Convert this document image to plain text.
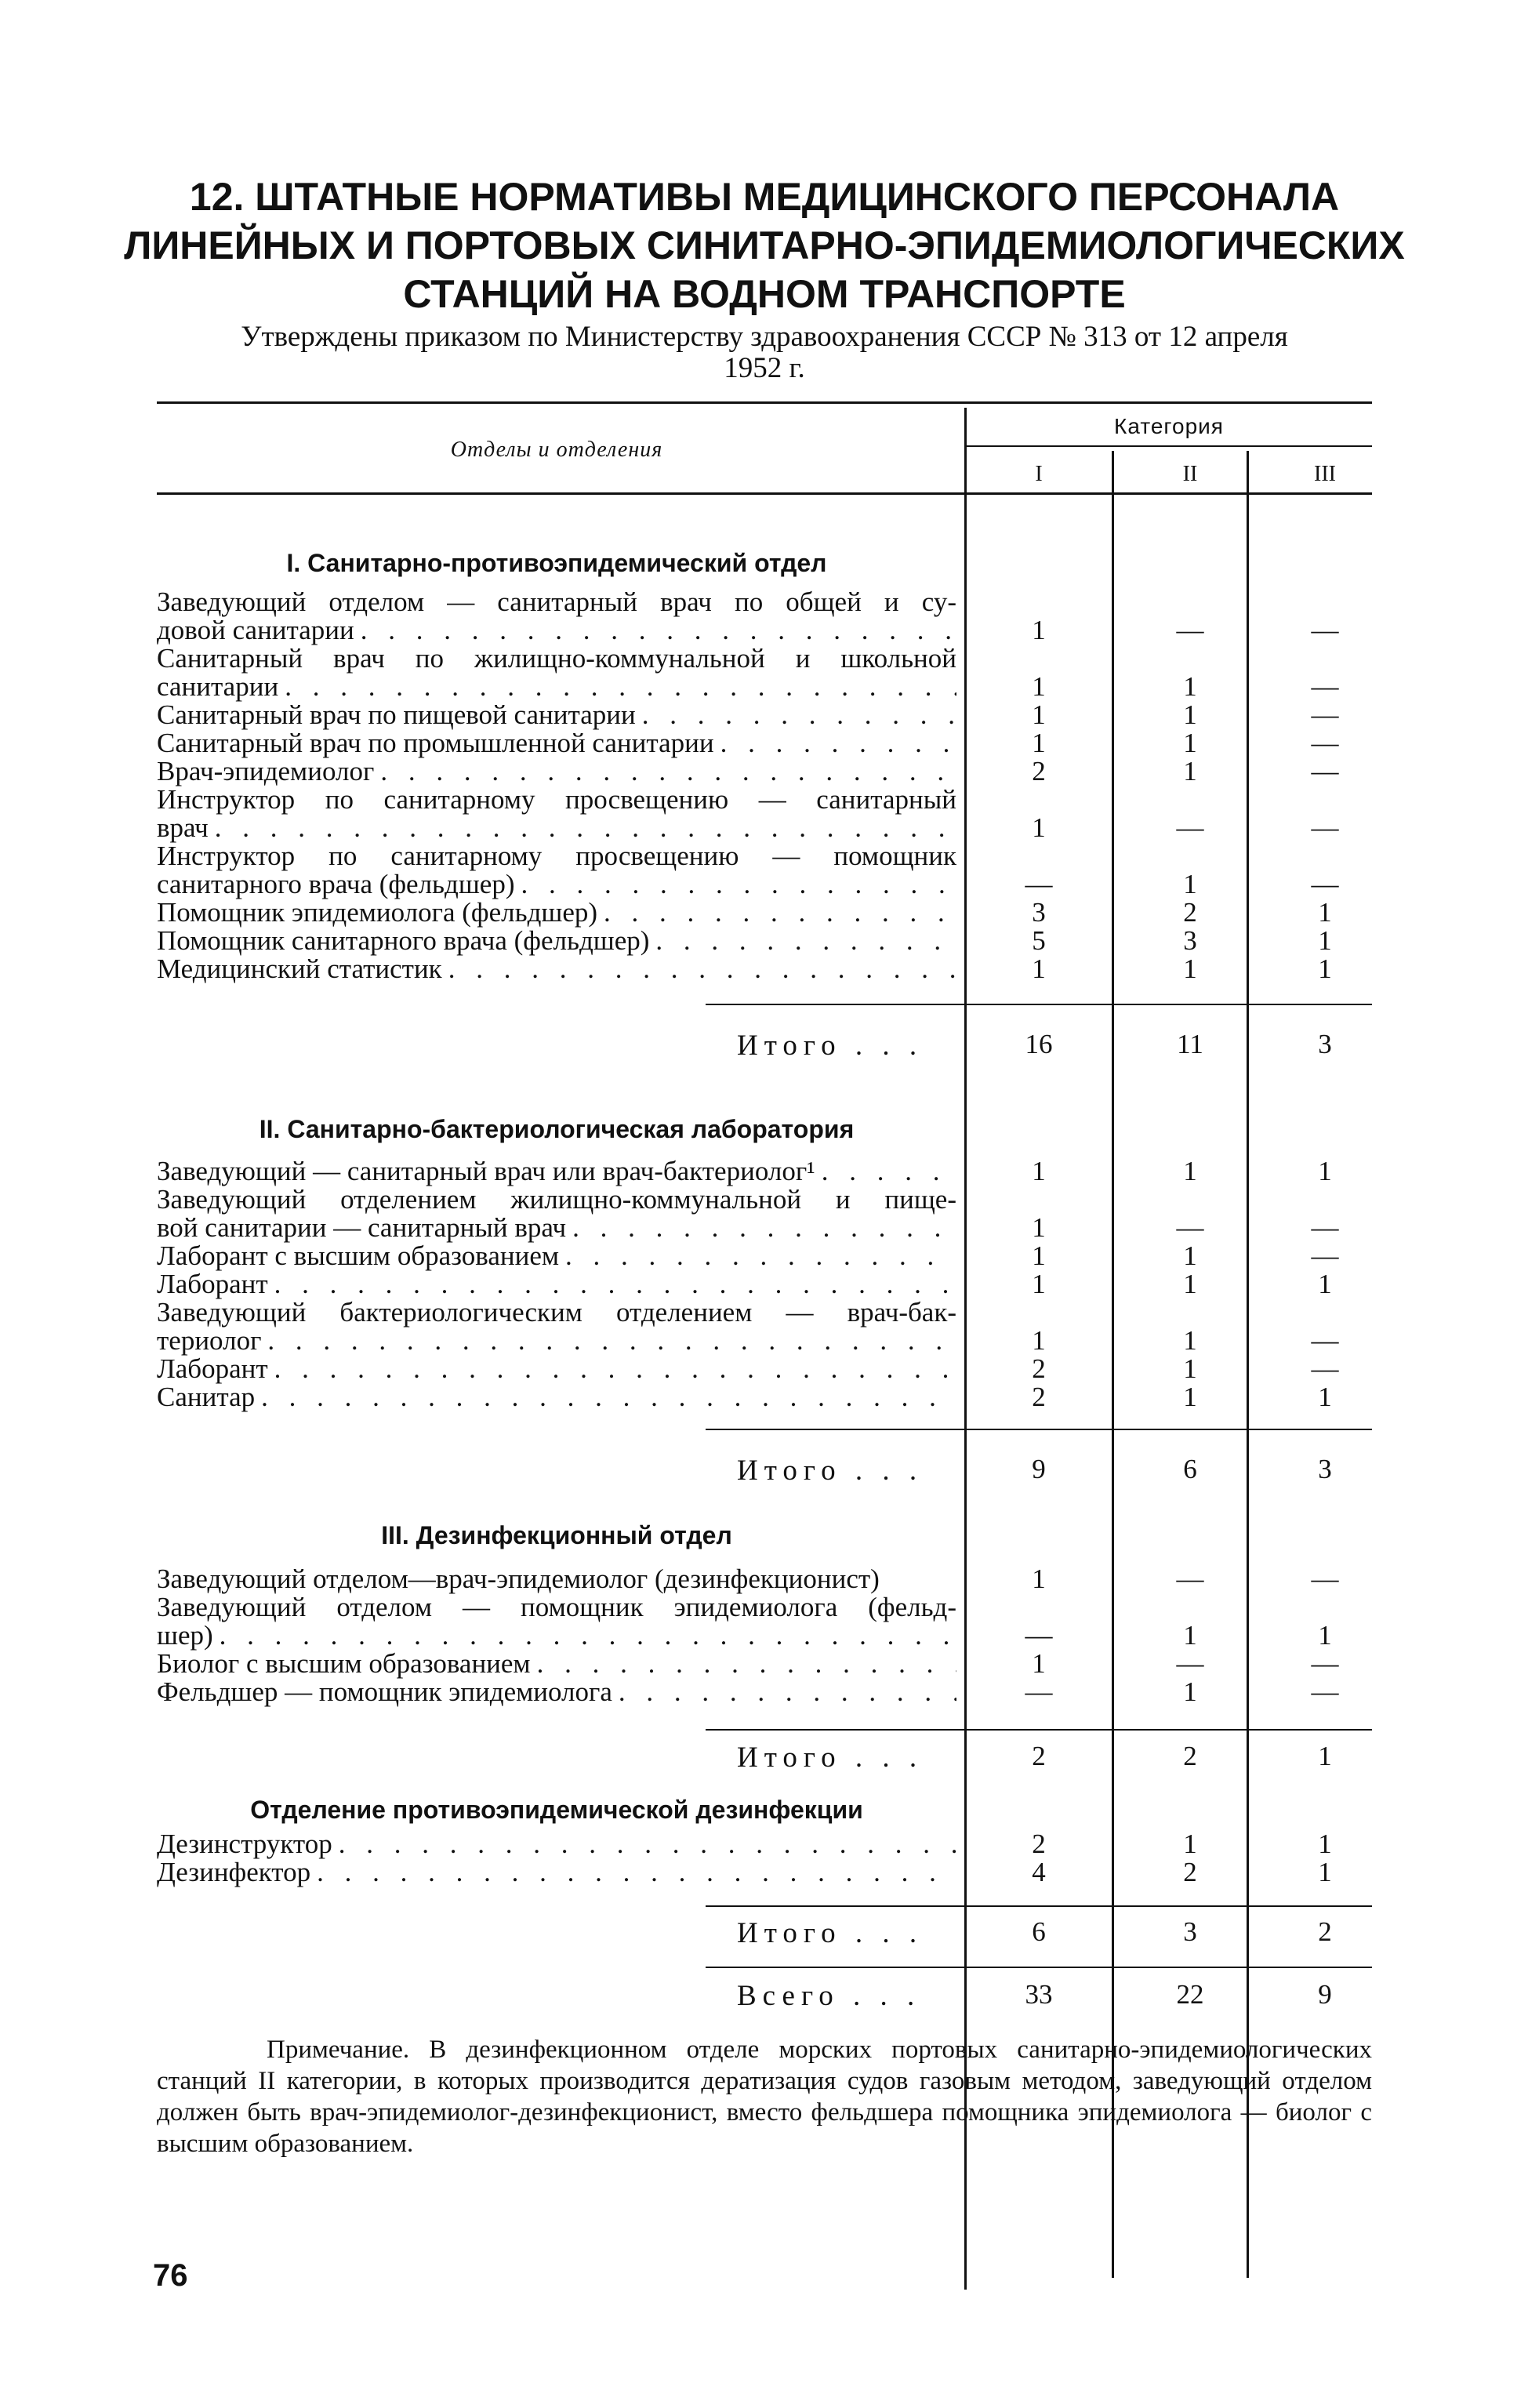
12. ШТАТНЫЕ НОРМАТИВЫ МЕДИЦИНСКОГО ПЕРСОНАЛА
ЛИНЕЙНЫХ И ПОРТОВЫХ СИНИТАРНО-ЭПИДЕМИОЛОГИЧЕСКИХ
СТАНЦИЙ НА ВОДНОМ ТРАНСПОРТЕ
Утверждены приказом по Министерству здравоохранения СССР № 313 от 12 апреля
1952 г.
Отделы и отделения
Категория
I	II	III
I. Санитарно-противоэпидемический отдел
Заведующий отделом — санитарный врач по общей и су-
довой санитарии . . .	1	—	—
Санитарный врач по жилищно-коммунальной и школьной
санитарии . . .	1	1	—
Санитарный врач по пищевой санитарии . . .	1	1	—
Санитарный врач по промышленной санитарии . . .	1	1	—
Врач-эпидемиолог . . .	2	1	—
Инструктор по санитарному просвещению — санитарный
врач . . .	1	—	—
Инструктор по санитарному просвещению — помощник
санитарного врача (фельдшер) . . .	—	1	—
Помощник эпидемиолога (фельдшер) . . .	3	2	1
Помощник санитарного врача (фельдшер) . . .	5	3	1
Медицинский статистик . . .	1	1	1
Итого . . .	16	11	3
II. Санитарно-бактериологическая лаборатория
Заведующий — санитарный врач или врач-бактериолог¹ . . .	1	1	1
Заведующий отделением жилищно-коммунальной и пище-
вой санитарии — санитарный врач . . .	1	—	—
Лаборант с высшим образованием . . .	1	1	—
Лаборант . . .	1	1	1
Заведующий бактериологическим отделением — врач-бак-
териолог . . .	1	1	—
Лаборант . . .	2	1	—
Санитар . . .	2	1	1
Итого . . .	9	6	3
III. Дезинфекционный отдел
Заведующий отделом—врач-эпидемиолог (дезинфекционист)	1	—	—
Заведующий отделом — помощник эпидемиолога (фельд-
шер) . . .	—	1	1
Биолог с высшим образованием . . .	1	—	—
Фельдшер — помощник эпидемиолога . . .	—	1	—
Итого . . .	2	2	1
Отделение противоэпидемической дезинфекции
Дезинструктор . . .	2	1	1
Дезинфектор . . .	4	2	1
Итого . . .	6	3	2
Всего . . .	33	22	9
Примечание. В дезинфекционном отделе морских портовых санитарно-эпидемиологических станций II категории, в которых производится дератизация судов газовым методом, заведующий отделом должен быть врач-эпидемиолог-дезинфекционист, вместо фельдшера помощника эпидемиолога — биолог с высшим образованием.
76
